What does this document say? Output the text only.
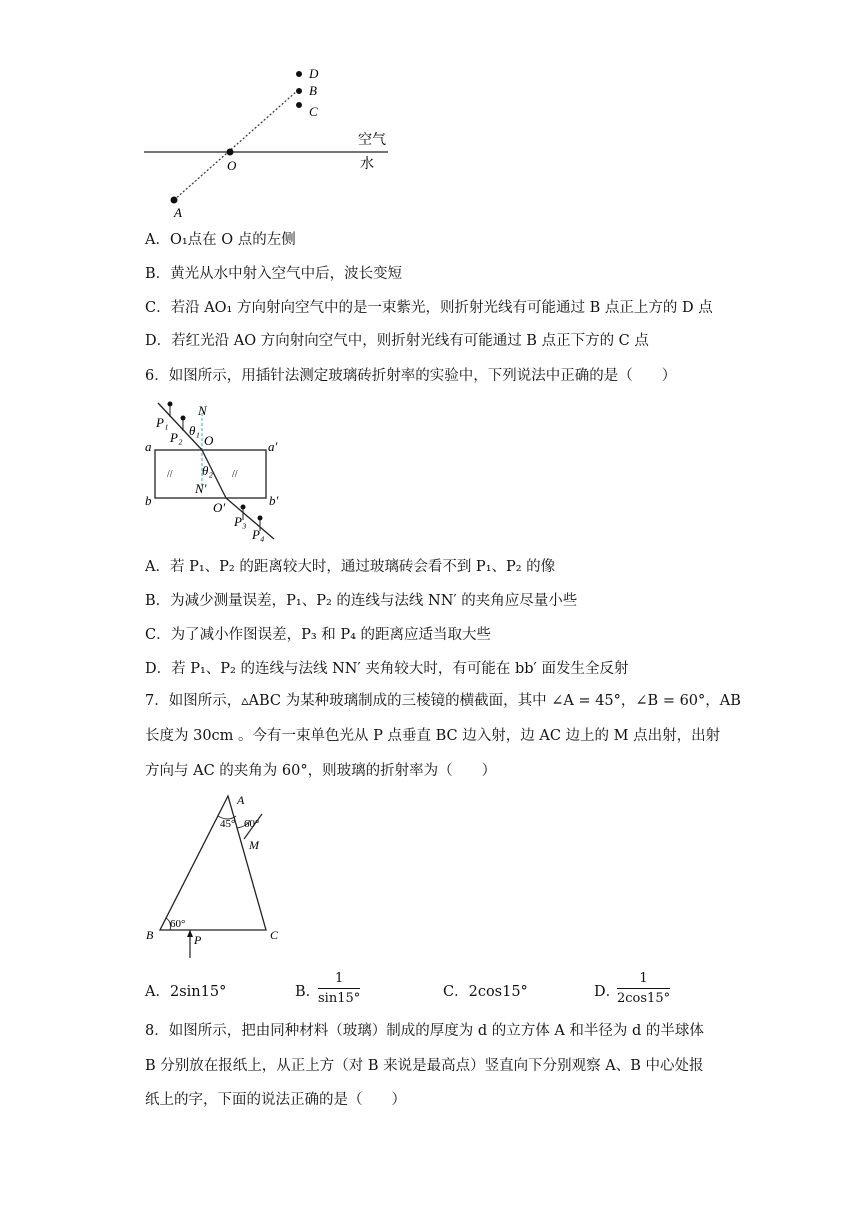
D
B
C
O
A
空气
水
A．O₁点在 O 点的左侧
B．黄光从水中射入空气中后，波长变短
C．若沿 AO₁ 方向射向空气中的是一束紫光，则折射光线有可能通过 B 点正上方的 D 点
D．若红光沿 AO 方向射向空气中，则折射光线有可能通过 B 点正下方的 C 点
6．如图所示，用插针法测定玻璃砖折射率的实验中，下列说法中正确的是（　　）
//	//
P₁
P₂
N
θ₁
O
a	a′
θ₂
N′
b	b′
O′
P₃
P₄
A．若 P₁、P₂ 的距离较大时，通过玻璃砖会看不到 P₁、P₂ 的像
B．为减少测量误差，P₁、P₂ 的连线与法线 NN′ 的夹角应尽量小些
C．为了减小作图误差，P₃ 和 P₄ 的距离应适当取大些
D．若 P₁、P₂ 的连线与法线 NN′ 夹角较大时，有可能在 bb′ 面发生全反射
7．如图所示，▵ABC 为某种玻璃制成的三棱镜的横截面，其中 ∠A = 45°，∠B = 60°，AB
长度为 30cm 。今有一束单色光从 P 点垂直 BC 边入射，边 AC 边上的 M 点出射，出射
方向与 AC 的夹角为 60°，则玻璃的折射率为（　　）
A
45° 60°
M
60°
B	P	C
A．2sin15°	B．
$\frac{1}{\sin 15^\circ}$	C．2cos15°	D．
$\frac{1}{2\cos 15^\circ}$
8．如图所示，把由同种材料（玻璃）制成的厚度为 d 的立方体 A 和半径为 d 的半球体
B 分别放在报纸上，从正上方（对 B 来说是最高点）竖直向下分别观察 A、B 中心处报
纸上的字，下面的说法正确的是（　　）
